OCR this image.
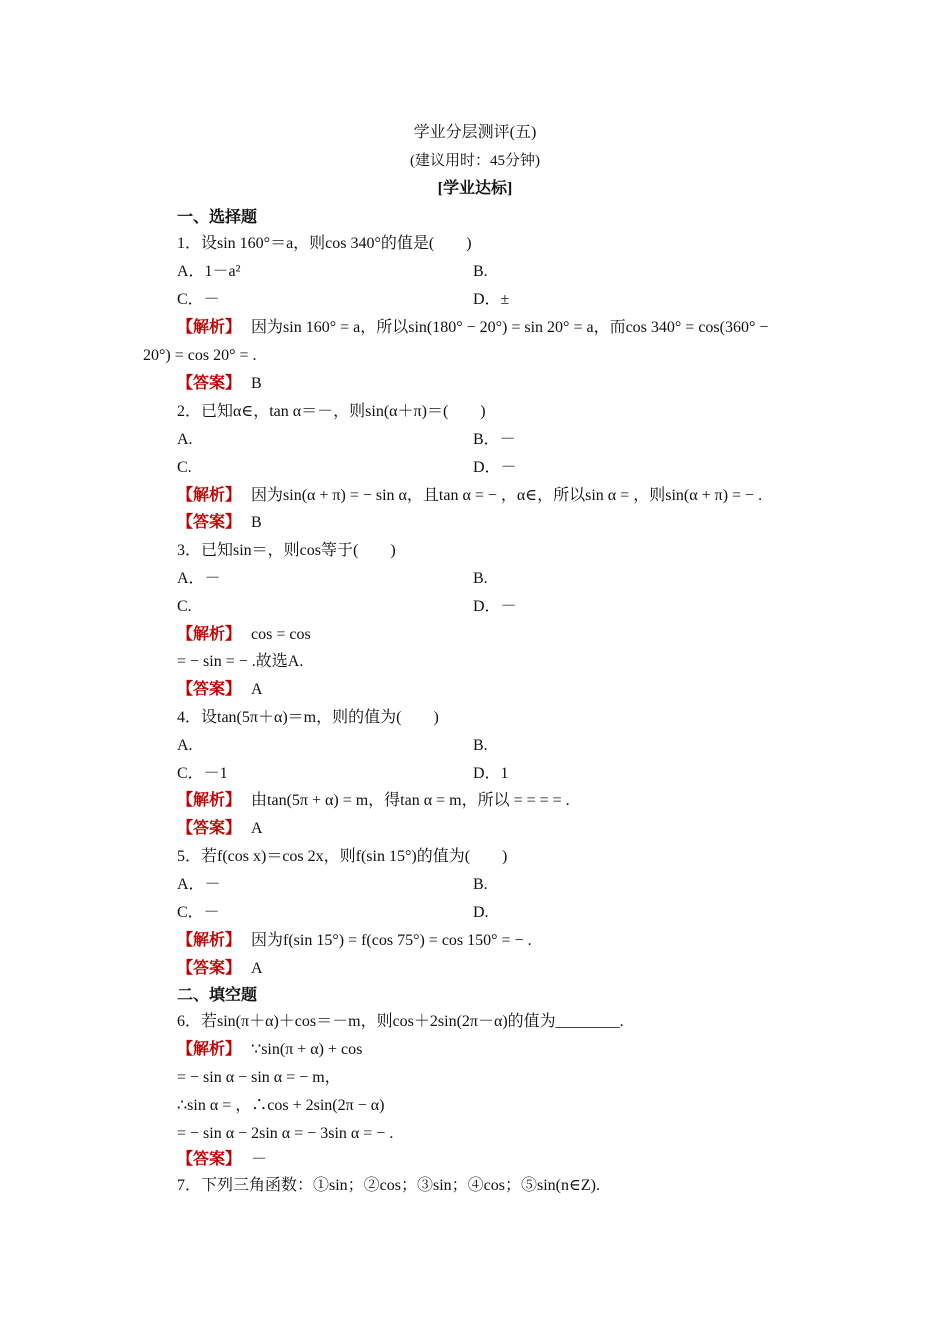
学业分层测评(五)
(建议用时：45分钟)
[学业达标]
一、选择题
1．设sin 160°＝a，则cos 340°的值是(　　)
A．1－a²	B.
C．－	D．±
【解析】 因为sin 160° = a，所以sin(180° − 20°) = sin 20° = a，而cos 340° = cos(360° −
20°) = cos 20° = .
【答案】 B
2．已知α∈，tan α＝－，则sin(α＋π)＝(　　)
A.	B．－
C.	D．－
【解析】 因为sin(α + π) = − sin α，且tan α = − ，α∈，所以sin α = ，则sin(α + π) = − .
【答案】 B
3．已知sin＝，则cos等于(　　)
A．－	B.
C.	D．－
【解析】 cos = cos
= − sin = − .故选A.
【答案】 A
4．设tan(5π＋α)＝m，则的值为(　　)
A.	B.
C．－1	D．1
【解析】 由tan(5π + α) = m，得tan α = m，所以 = = = = .
【答案】 A
5．若f(cos x)＝cos 2x，则f(sin 15°)的值为(　　)
A．－	B.
C．－	D.
【解析】 因为f(sin 15°) = f(cos 75°) = cos 150° = − .
【答案】 A
二、填空题
6．若sin(π＋α)＋cos＝－m，则cos＋2sin(2π－α)的值为________.
【解析】 ∵sin(π + α) + cos
= − sin α − sin α = − m，
∴sin α = ，∴cos + 2sin(2π − α)
= − sin α − 2sin α = − 3sin α = − .
【答案】 －
7．下列三角函数：①sin；②cos；③sin；④cos；⑤sin(n∈Z).
